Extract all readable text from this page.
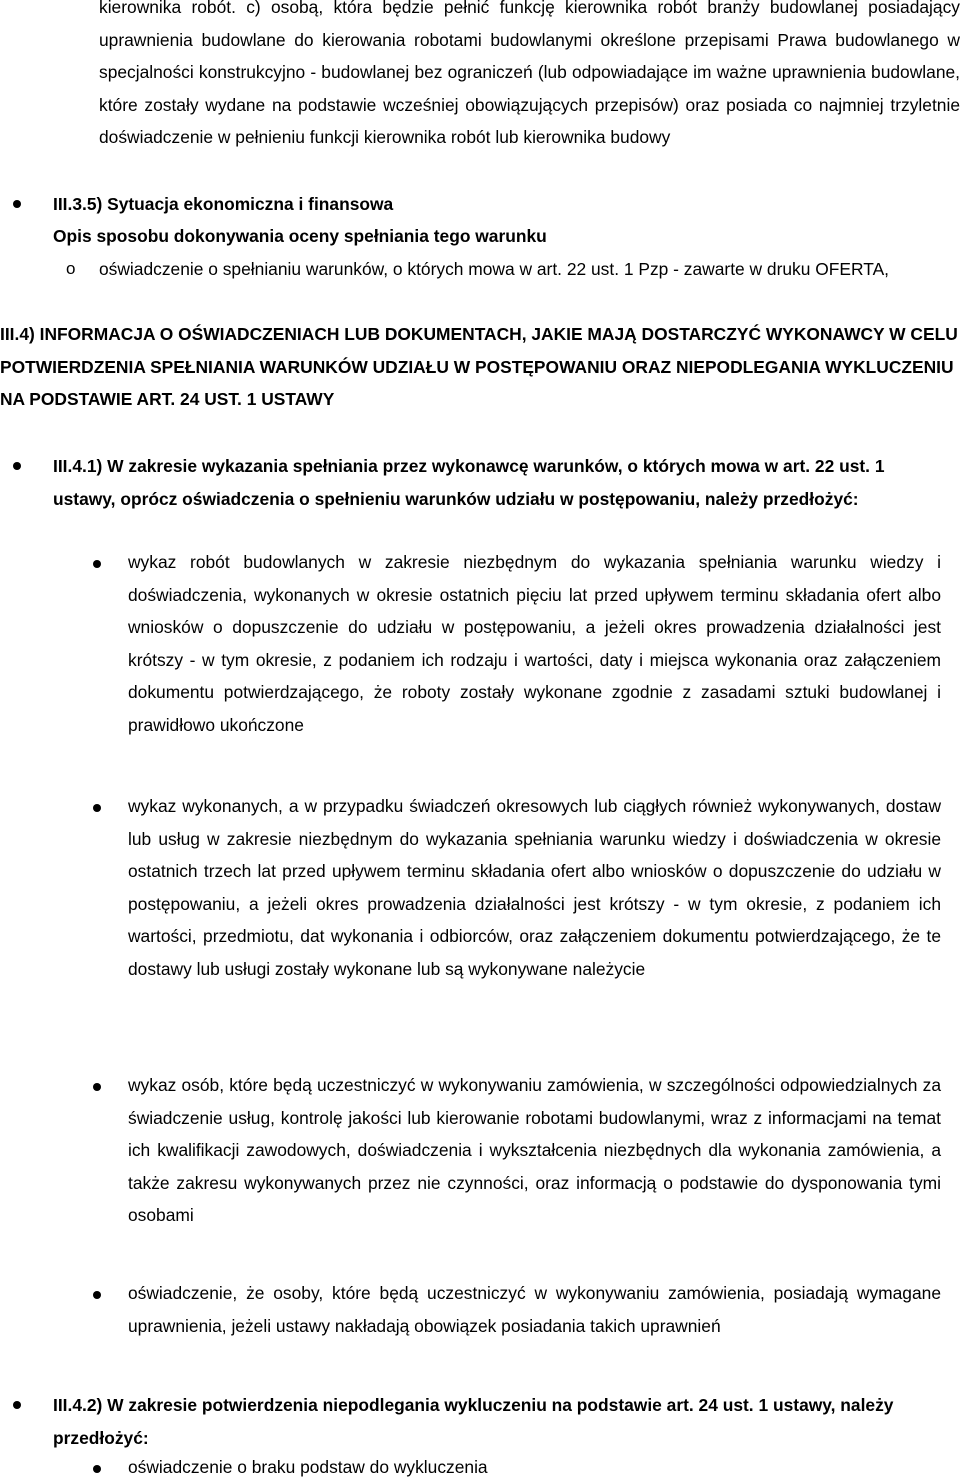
kierownika robót. c) osobą, która będzie pełnić funkcję kierownika robót branży budowlanej posiadający uprawnienia budowlane do kierowania robotami budowlanymi określone przepisami Prawa budowlanego w specjalności konstrukcyjno - budowlanej bez ograniczeń (lub odpowiadające im ważne uprawnienia budowlane, które zostały wydane na podstawie wcześniej obowiązujących przepisów) oraz posiada co najmniej trzyletnie doświadczenie w pełnieniu funkcji kierownika robót lub kierownika budowy

III.3.5) Sytuacja ekonomiczna i finansowa

Opis sposobu dokonywania oceny spełniania tego warunku

o oświadczenie o spełnianiu warunków, o których mowa w art. 22 ust. 1 Pzp - zawarte w druku OFERTA,

III.4) INFORMACJA O OŚWIADCZENIACH LUB DOKUMENTACH, JAKIE MAJĄ DOSTARCZYĆ WYKONAWCY W CELU POTWIERDZENIA SPEŁNIANIA WARUNKÓW UDZIAŁU W POSTĘPOWANIU ORAZ NIEPODLEGANIA WYKLUCZENIU NA PODSTAWIE ART. 24 UST. 1 USTAWY

III.4.1) W zakresie wykazania spełniania przez wykonawcę warunków, o których mowa w art. 22 ust. 1 ustawy, oprócz oświadczenia o spełnieniu warunków udziału w postępowaniu, należy przedłożyć:

wykaz robót budowlanych w zakresie niezbędnym do wykazania spełniania warunku wiedzy i doświadczenia, wykonanych w okresie ostatnich pięciu lat przed upływem terminu składania ofert albo wniosków o dopuszczenie do udziału w postępowaniu, a jeżeli okres prowadzenia działalności jest krótszy - w tym okresie, z podaniem ich rodzaju i wartości, daty i miejsca wykonania oraz załączeniem dokumentu potwierdzającego, że roboty zostały wykonane zgodnie z zasadami sztuki budowlanej i prawidłowo ukończone

wykaz wykonanych, a w przypadku świadczeń okresowych lub ciągłych również wykonywanych, dostaw lub usług w zakresie niezbędnym do wykazania spełniania warunku wiedzy i doświadczenia w okresie ostatnich trzech lat przed upływem terminu składania ofert albo wniosków o dopuszczenie do udziału w postępowaniu, a jeżeli okres prowadzenia działalności jest krótszy - w tym okresie, z podaniem ich wartości, przedmiotu, dat wykonania i odbiorców, oraz załączeniem dokumentu potwierdzającego, że te dostawy lub usługi zostały wykonane lub są wykonywane należycie

wykaz osób, które będą uczestniczyć w wykonywaniu zamówienia, w szczególności odpowiedzialnych za świadczenie usług, kontrolę jakości lub kierowanie robotami budowlanymi, wraz z informacjami na temat ich kwalifikacji zawodowych, doświadczenia i wykształcenia niezbędnych dla wykonania zamówienia, a także zakresu wykonywanych przez nie czynności, oraz informacją o podstawie do dysponowania tymi osobami

oświadczenie, że osoby, które będą uczestniczyć w wykonywaniu zamówienia, posiadają wymagane uprawnienia, jeżeli ustawy nakładają obowiązek posiadania takich uprawnień

III.4.2) W zakresie potwierdzenia niepodlegania wykluczeniu na podstawie art. 24 ust. 1 ustawy, należy przedłożyć:

oświadczenie o braku podstaw do wykluczenia
